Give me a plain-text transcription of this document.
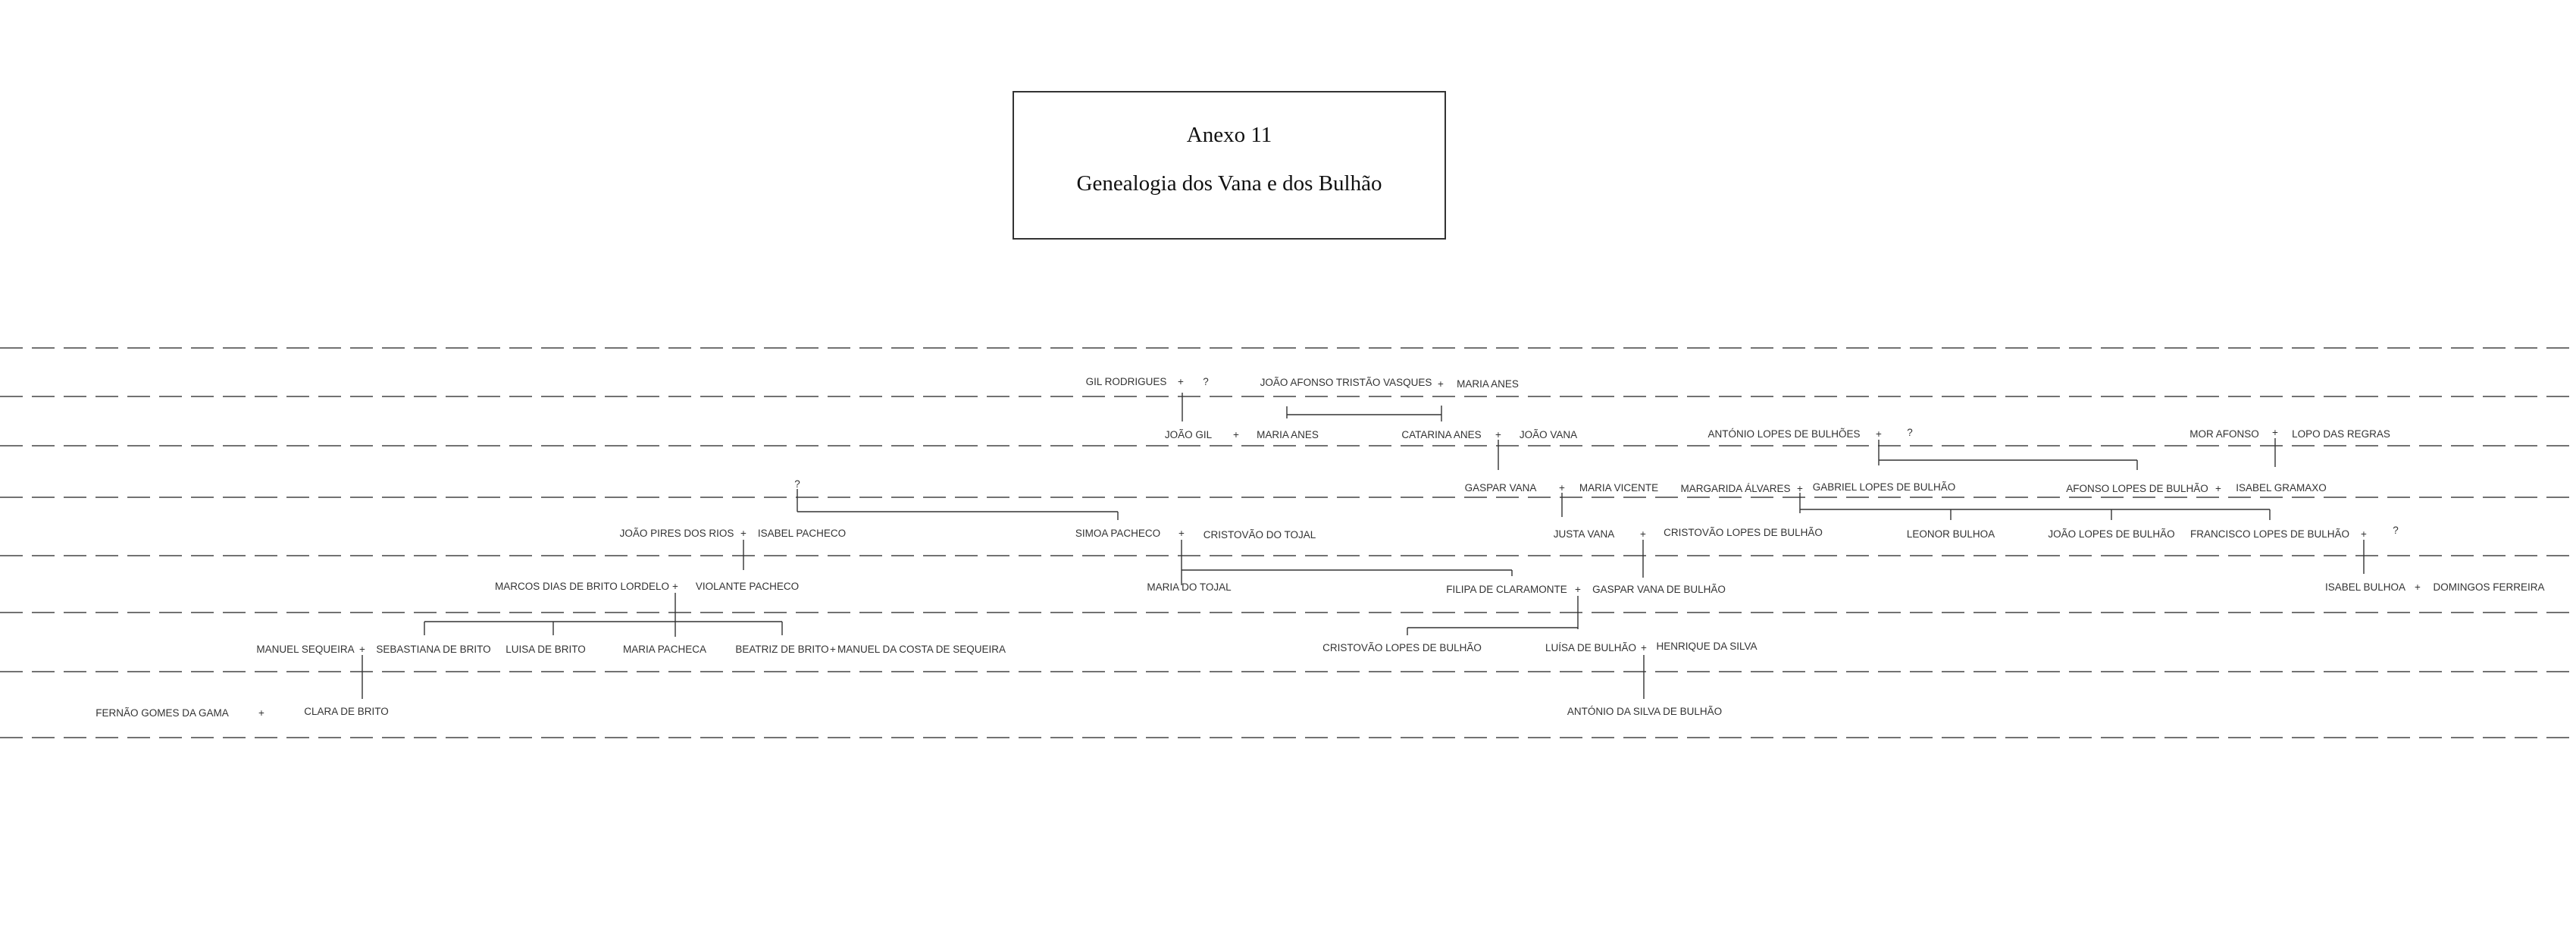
Anexo 11
Genealogia dos Vana e dos Bulhão
GIL RODRIGUES + ?	JOÃO AFONSO TRISTÃO VASQUES + MARIA ANES
JOÃO GIL + MARIA ANES	CATARINA ANES + JOÃO VANA	ANTÓNIO LOPES DE BULHÕES + ?	MOR AFONSO + LOPO DAS REGRAS
?	GASPAR VANA + MARIA VICENTE MARGARIDA ÁLVARES + GABRIEL LOPES DE BULHÃO	AFONSO LOPES DE BULHÃO + ISABEL GRAMAXO
JOÃO PIRES DOS RIOS + ISABEL PACHECO	SIMOA PACHECO + CRISTOVÃO DO TOJAL	JUSTA VANA	+ CRISTOVÃO LOPES DE BULHÃO	LEONOR BULHOA	JOÃO LOPES DE BULHÃO FRANCISCO LOPES DE BULHÃO +	?
MARCOS DIAS DE BRITO LORDELO + VIOLANTE PACHECO	MARIA DO TOJAL	FILIPA DE CLARAMONTE + GASPAR VANA DE BULHÃO	ISABEL BULHOA + DOMINGOS FERREIRA
MANUEL SEQUEIRA + SEBASTIANA DE BRITO LUISA DE BRITO	MARIA PACHECA	BEATRIZ DE BRITO + MANUEL DA COSTA DE SEQUEIRA	CRISTOVÃO LOPES DE BULHÃO	LUÍSA DE BULHÃO + HENRIQUE DA SILVA
FERNÃO GOMES DA GAMA	+	CLARA DE BRITO	ANTÓNIO DA SILVA DE BULHÃO
